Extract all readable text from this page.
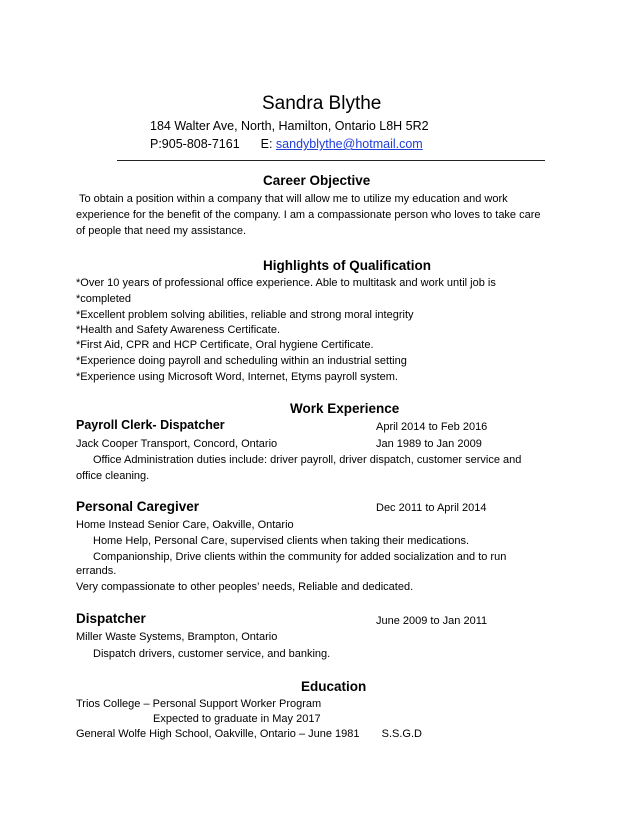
Sandra Blythe
184 Walter Ave, North, Hamilton, Ontario L8H 5R2
P:905-808-7161 E: sandyblythe@hotmail.com
Career Objective
To obtain a position within a company that will allow me to utilize my education and work
experience for the benefit of the company. I am a compassionate person who loves to take care
of people that need my assistance.
Highlights of Qualification
*Over 10 years of professional office experience. Able to multitask and work until job is
*completed
*Excellent problem solving abilities, reliable and strong moral integrity
*Health and Safety Awareness Certificate.
*First Aid, CPR and HCP Certificate, Oral hygiene Certificate.
*Experience doing payroll and scheduling within an industrial setting
*Experience using Microsoft Word, Internet, Etyms payroll system.
Work Experience
Payroll Clerk- Dispatcher	April 2014 to Feb 2016
Jack Cooper Transport, Concord, Ontario	Jan 1989 to Jan 2009
Office Administration duties include: driver payroll, driver dispatch, customer service and
office cleaning.
Personal Caregiver	Dec 2011 to April 2014
Home Instead Senior Care, Oakville, Ontario
Home Help, Personal Care, supervised clients when taking their medications.
Companionship, Drive clients within the community for added socialization and to run
errands.
Very compassionate to other peoples’ needs, Reliable and dedicated.
Dispatcher	June 2009 to Jan 2011
Miller Waste Systems, Brampton, Ontario
Dispatch drivers, customer service, and banking.
Education
Trios College – Personal Support Worker Program
Expected to graduate in May 2017
General Wolfe High School, Oakville, Ontario – June 1981 S.S.G.D
